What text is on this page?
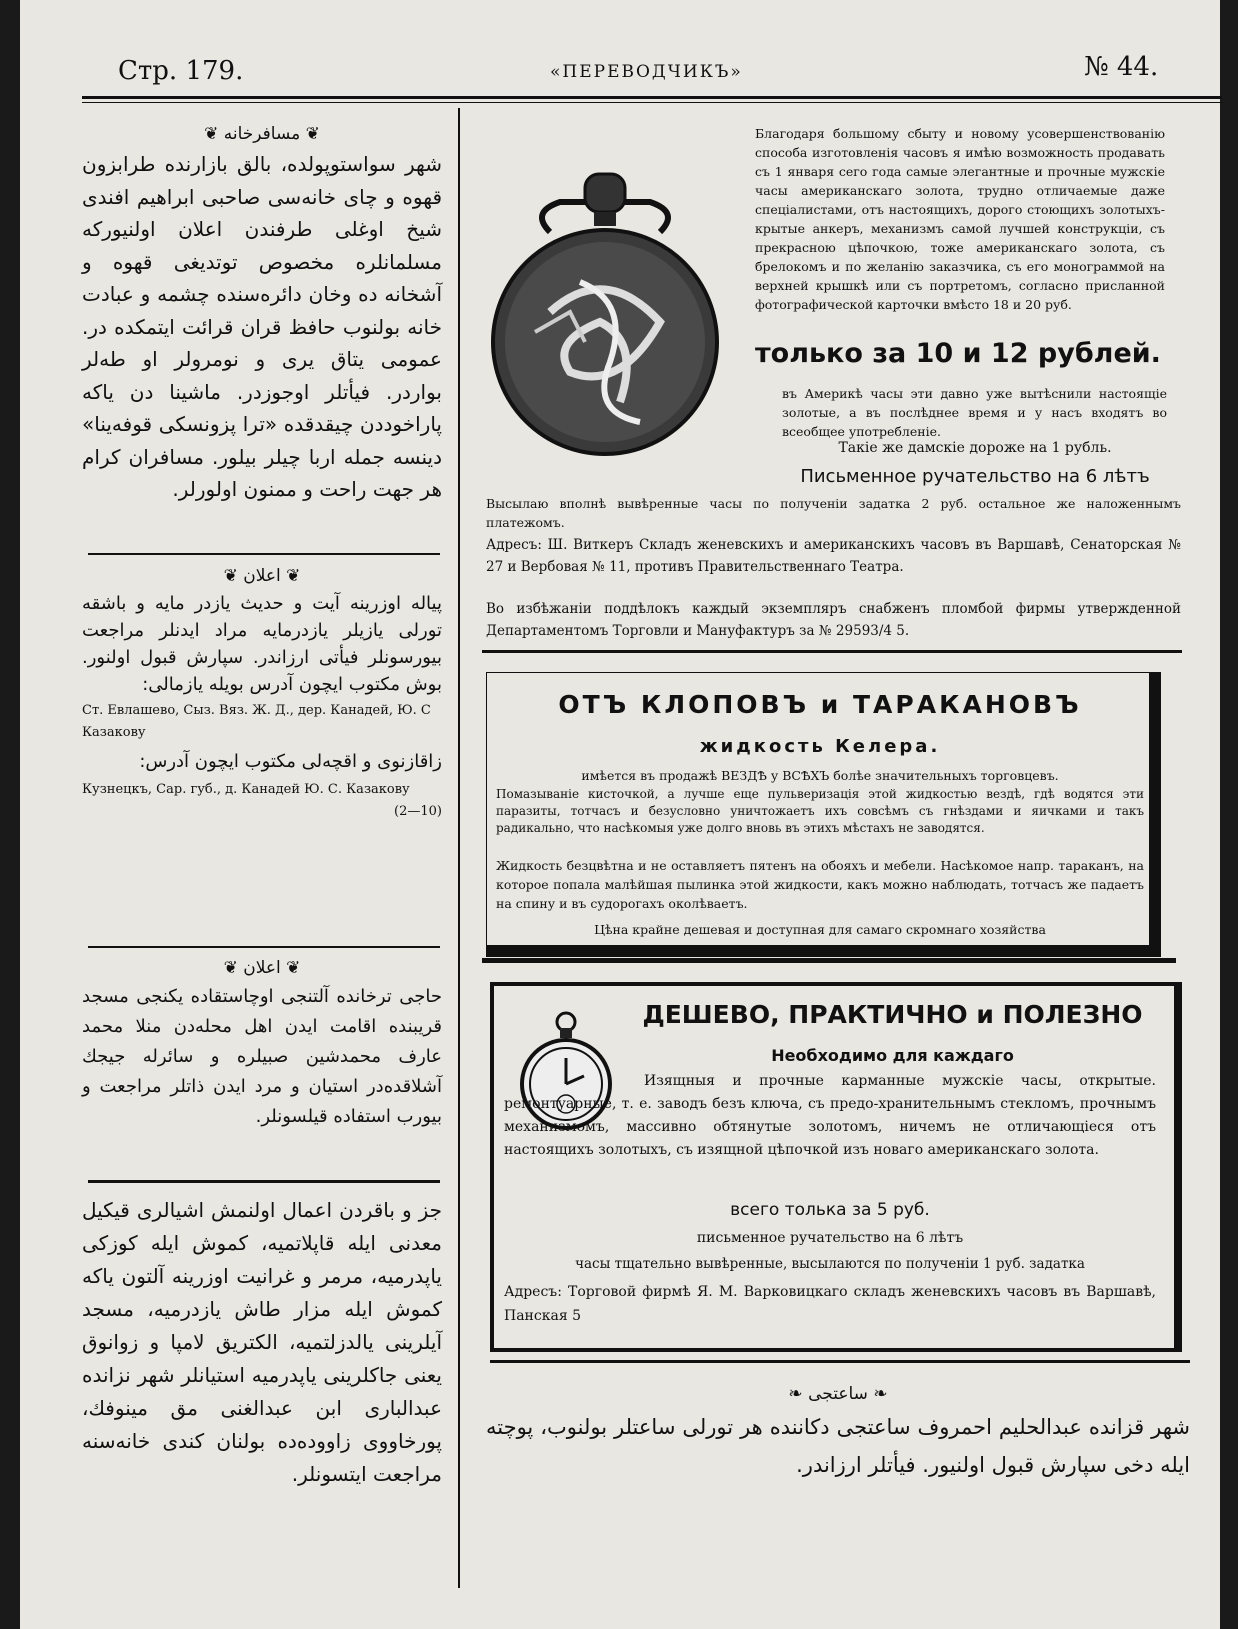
Стр. 179.	«ПЕРЕВОДЧИКЪ»	№ 44.
❦ مسافرخانه ❦
شهر سواستوپولده، بالق بازارنده طرابزون قهوه و چای خانه‌سی صاحبی ابراهیم افندی شیخ اوغلی طرفندن اعلان اولنیورکه مسلمانلره مخصوص توتدیغی قهوه و آشخانه ده وخان دائره‌سنده چشمه و عبادت خانه بولنوب حافظ قران قرائت ایتمکده در. عمومی یتاق یری و نومرولر او طه‌لر بواردر. فیأتلر اوجوزدر. ماشینا دن یاکه پاراخوددن چیقدقده «ترا پزونسکی قوفه‌ینا» دینسه جمله اربا چیلر بیلور. مسافران کرام هر جهت راحت و ممنون اولورلر.
❦ اعلان ❦
پیاله اوزرینه آیت و حدیث یازدر مایه و باشقه تورلی یازیلر یازدرمایه مراد ایدنلر مراجعت بیورسونلر فیأتی ارزاندر. سپارش قبول اولنور. بوش مکتوب ایچون آدرس بویله یازمالی:
Ст. Евлашево, Сыз. Вяз. Ж. Д., дер. Канадей, Ю. С Казакову
زاقازنوی و اقچه‌لی مکتوب ایچون آدرس:
Кузнецкъ, Сар. губ., д. Канадей Ю. С. Казакову
(2—10)
❦ اعلان ❦
حاجی ترخانده آلتنجی اوچاستقاده یکنجی مسجد قریبنده اقامت ایدن اهل محله‌دن منلا محمد عارف محمدشین صبیلره و سائرله جیجك آشلاقده‌در استیان و مرد ایدن ذاتلر مراجعت و بیورب استفاده قیلسونلر.
جز و باقردن اعمال اولنمش اشیالری قیکیل معدنی ایله قاپلاتمیه، کموش ایله کوزکی یاپدرمیه، مرمر و غرانیت اوزرینه آلتون یاکه کموش ایله مزار طاش یازدرمیه، مسجد آیلرینی یالدزلتمیه، الکتریق لامپا و زوانوق یعنی جاکلرینی یاپدرمیه استیانلر شهر نزانده عبدالباری ابن عبدالغنی مق مینوفك، پورخاووی زاووده‌ده بولنان کندی خانه‌سنه مراجعت ایتسونلر.
Благодаря большому сбыту и новому усовершенствованію способа изготовленія часовъ я имѣю возможность продавать съ 1 января сего года самые элегантные и прочные мужскіе часы американскаго золота, трудно отличаемые даже спеціалистами, отъ настоящихъ, дорого стоющихъ золотыхъ-крытые анкеръ, механизмъ самой лучшей конструкціи, съ прекрасною цѣпочкою, тоже американскаго золота, съ брелокомъ и по желанію заказчика, съ его монограммой на верхней крышкѣ или съ портретомъ, согласно присланной фотографической карточки вмѣсто 18 и 20 руб.
только за 10 и 12 рублей.
въ Америкѣ часы эти давно уже вытѣснили настоящіе золотые, а въ послѣднее время и у насъ входятъ во всеобщее употребленіе.
Такіе же дамскіе дороже на 1 рубль.
Письменное ручательство на 6 лѣтъ
Высылаю вполнѣ вывѣренные часы по полученіи задатка 2 руб. остальное же наложеннымъ платежомъ.
Адресъ: Ш. Виткеръ Складъ женевскихъ и американскихъ часовъ въ Варшавѣ, Сенаторская № 27 и Вербовая № 11, противъ Правительственнаго Театра.
Во избѣжаніи поддѣлокъ каждый экземпляръ снабженъ пломбой фирмы утвержденной Департаментомъ Торговли и Мануфактуръ за № 29593/4 5.
ОТЪ КЛОПОВЪ и ТАРАКАНОВЪ
жидкость Келера.
имѣется въ продажѣ ВЕЗДѢ у ВСѢХЪ болѣе значительныхъ торговцевъ.
Помазываніе кисточкой, а лучше еще пульверизація этой жидкостью вездѣ, гдѣ водятся эти паразиты, тотчасъ и безусловно уничтожаетъ ихъ совсѣмъ съ гнѣздами и яичками и такъ радикально, что насѣкомыя уже долго вновь въ этихъ мѣстахъ не заводятся.
Жидкость безцвѣтна и не оставляетъ пятенъ на обояхъ и мебели. Насѣкомое напр. тараканъ, на которое попала малѣйшая пылинка этой жидкости, какъ можно наблюдать, тотчасъ же падаетъ на спину и въ судорогахъ околѣваетъ.
Цѣна крайне дешевая и доступная для самаго скромнаго хозяйства
ДЕШЕВО, ПРАКТИЧНО и ПОЛЕЗНО
Необходимо для каждаго
Изящныя и прочные карманные мужскіе часы, открытые. ремонтуарные, т. е. заводъ безъ ключа, съ предо-хранительнымъ стекломъ, прочнымъ механизмомъ, массивно обтянутые золотомъ, ничемъ не отличающіеся отъ настоящихъ золотыхъ, съ изящной цѣпочкой изъ новаго американскаго золота.
всего толька за 5 руб.
письменное ручательство на 6 лѣтъ
часы тщательно вывѣренные, высылаются по полученіи 1 руб. задатка
Адресъ: Торговой фирмѣ Я. М. Варковицкаго складъ женевскихъ часовъ въ Варшавѣ, Панская 5
❧ ساعتجی ❧
شهر قزانده عبدالحلیم احمروف ساعتجی دکاننده هر تورلی ساعتلر بولنوب، پوچته ایله دخی سپارش قبول اولنیور. فیأتلر ارزاندر.
